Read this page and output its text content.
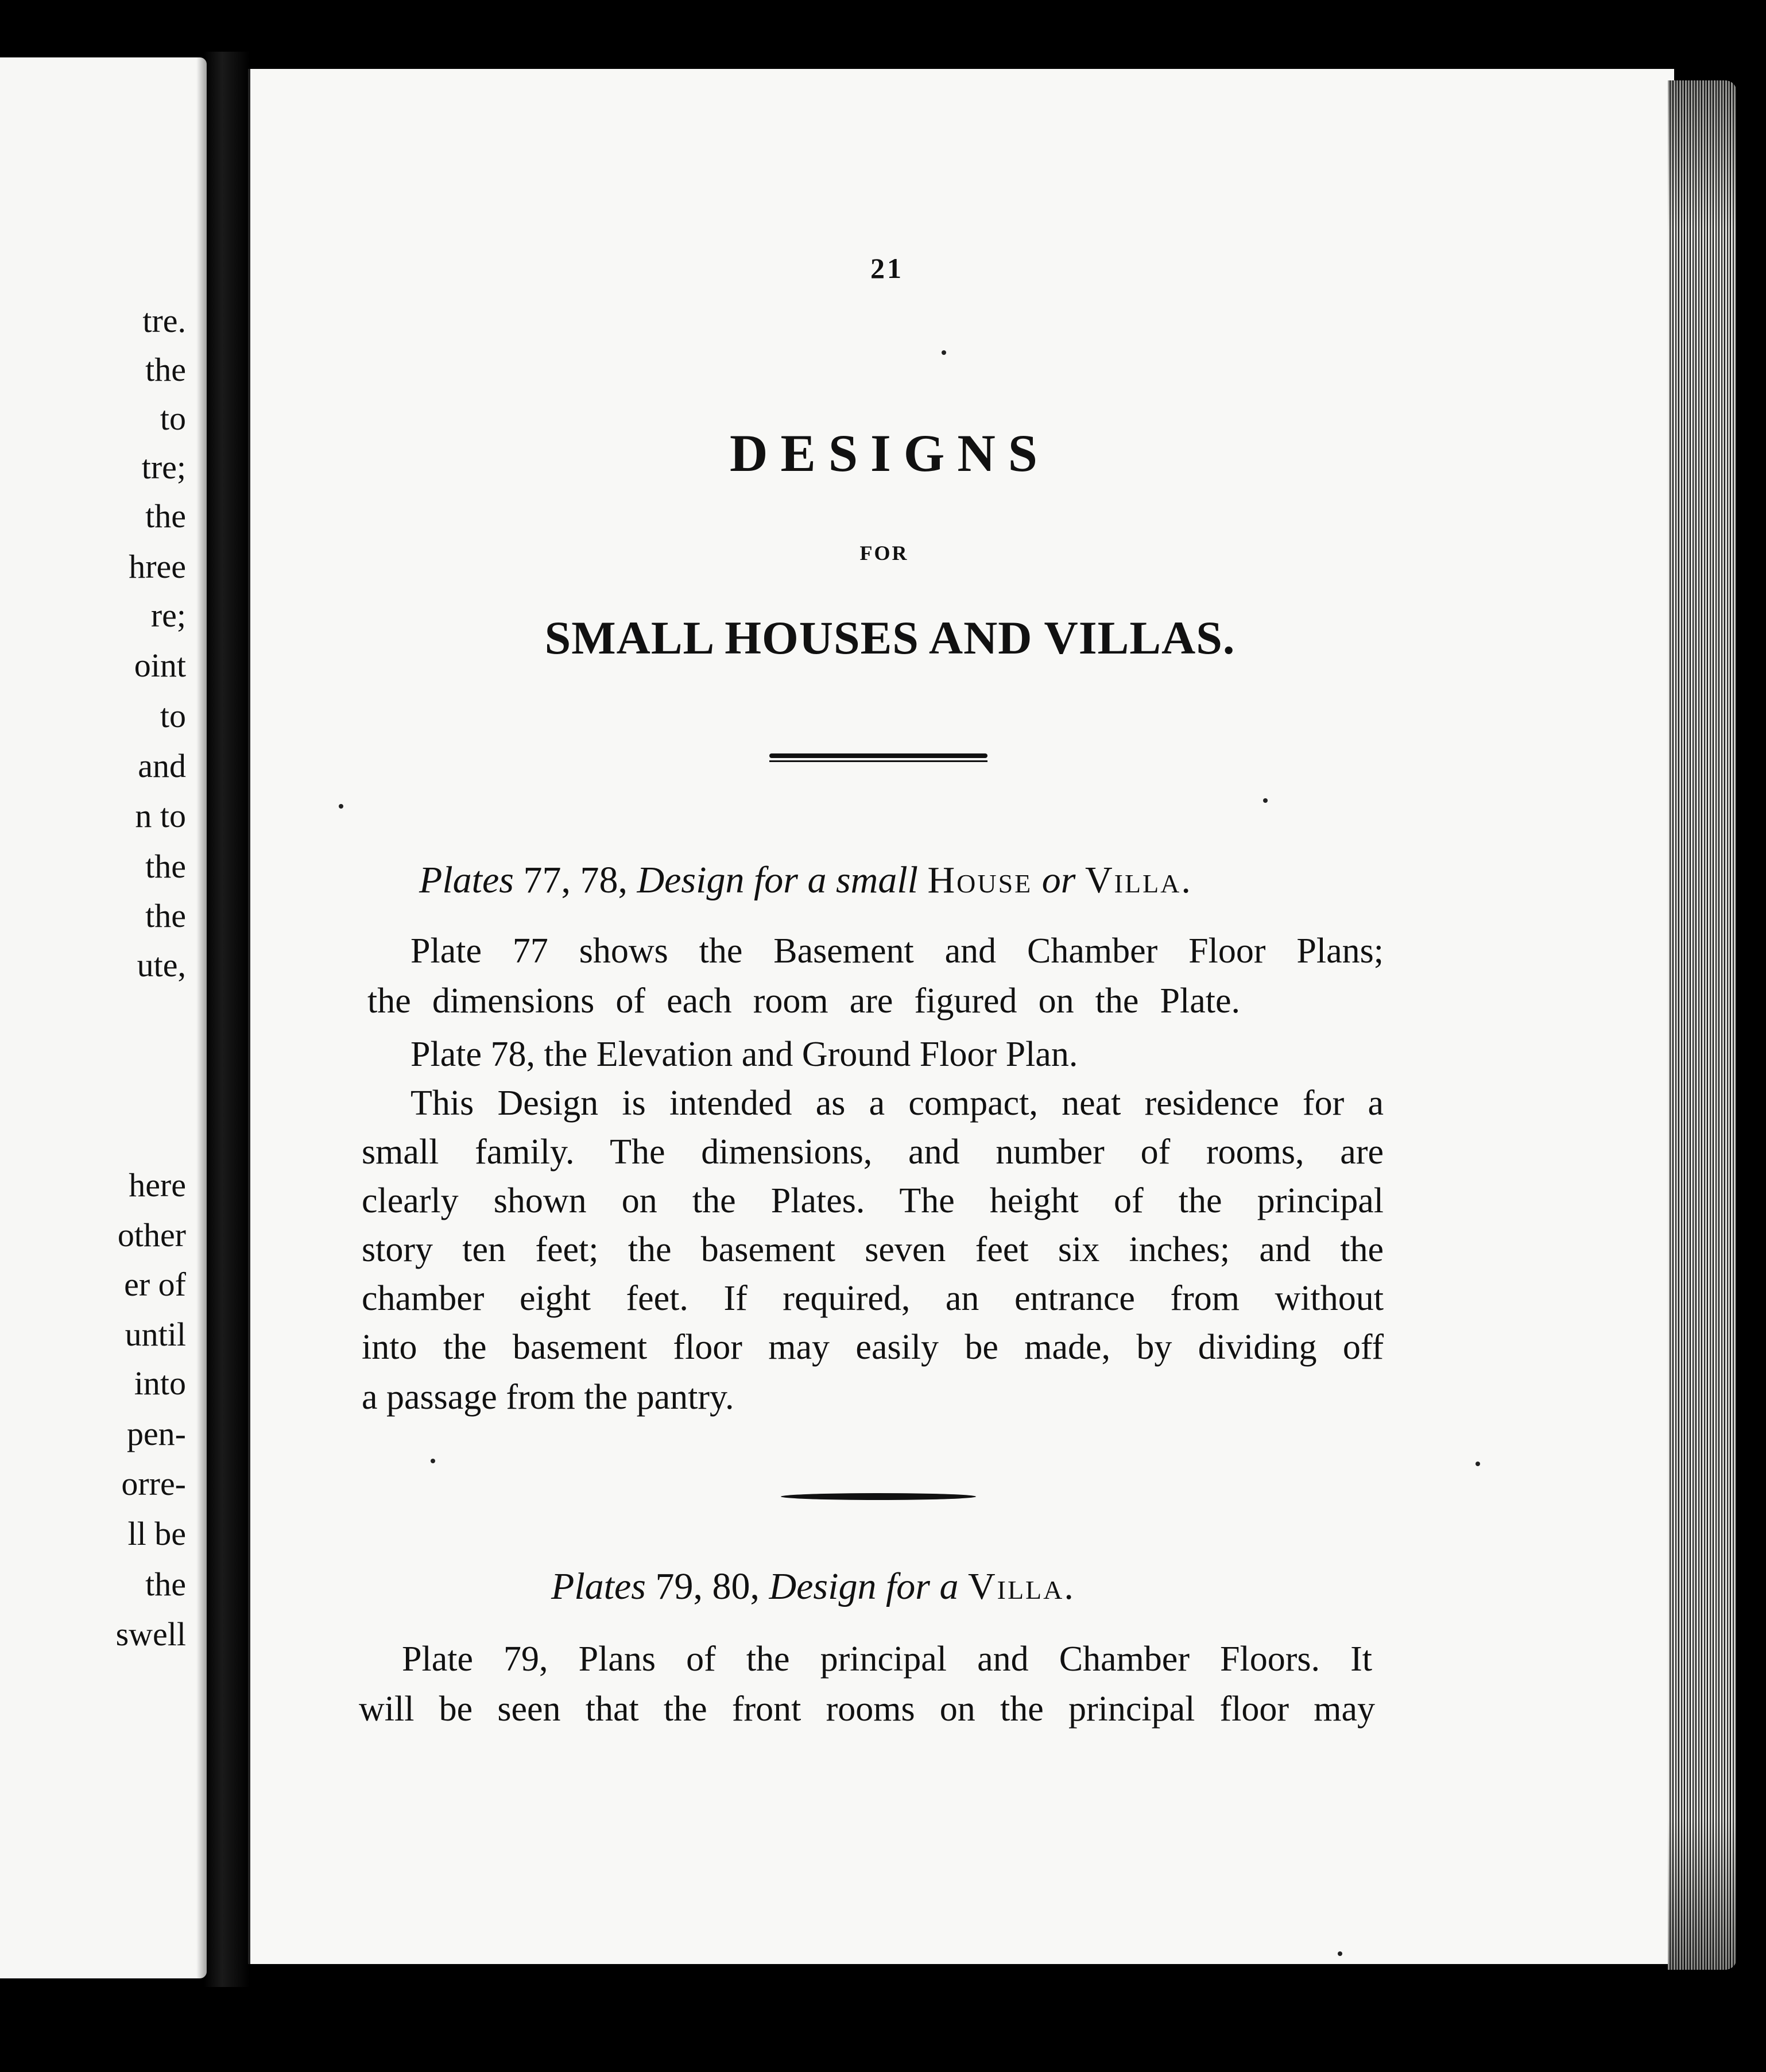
tre.
the
to
tre;
the
hree
re;
oint
to
and
n to
the
the
ute,
here
other
er of
until
into
pen-
orre-
ll be
the
swell
21
DESIGNS
FOR
SMALL HOUSES AND VILLAS.
Plates 77, 78, Design for a small House or Villa.
Plate 77 shows the Basement and Chamber Floor Plans;
the dimensions of each room are figured on the Plate.
Plate 78, the Elevation and Ground Floor Plan.
This Design is intended as a compact, neat residence for a
small family. The dimensions, and number of rooms, are
clearly shown on the Plates. The height of the principal
story ten feet; the basement seven feet six inches; and the
chamber eight feet. If required, an entrance from without
into the basement floor may easily be made, by dividing off
a passage from the pantry.
Plates 79, 80, Design for a Villa.
Plate 79, Plans of the principal and Chamber Floors. It
will be seen that the front rooms on the principal floor may
